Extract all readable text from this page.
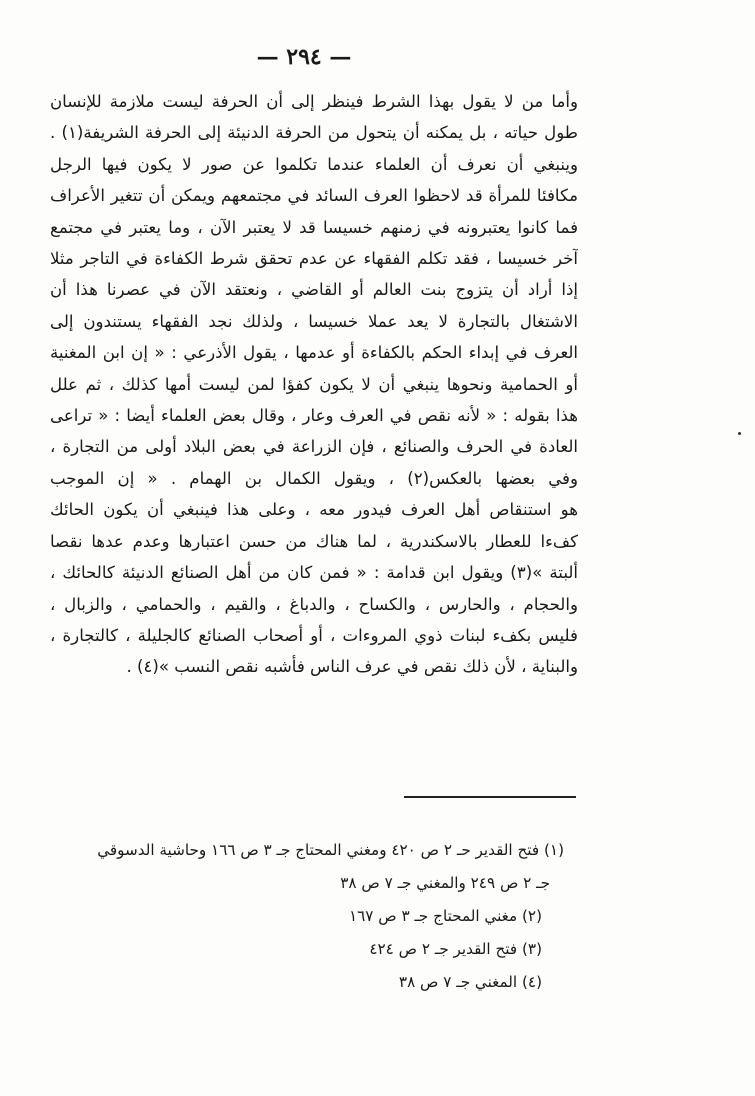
— ٢٩٤ —
وأما من لا يقول بهذا الشرط فينظر إلى أن الحرفة ليست ملازمة للإنسان
طول حياته ، بل يمكنه أن يتحول من الحرفة الدنيئة إلى الحرفة الشريفة(١) .
وينبغي أن نعرف أن العلماء عندما تكلموا عن صور لا يكون فيها الرجل
مكافئا للمرأة قد لاحظوا العرف السائد في مجتمعهم ويمكن أن تتغير الأعراف
فما كانوا يعتبرونه في زمنهم خسيسا قد لا يعتبر الآن ، وما يعتبر في مجتمع
آخر خسيسا ، فقد تكلم الفقهاء عن عدم تحقق شرط الكفاءة في التاجر مثلا
إذا أراد أن يتزوج بنت العالم أو القاضي ، ونعتقد الآن في عصرنا هذا أن
الاشتغال بالتجارة لا يعد عملا خسيسا ، ولذلك نجد الفقهاء يستندون إلى
العرف في إبداء الحكم بالكفاءة أو عدمها ، يقول الأذرعي : « إن ابن المغنية
أو الحمامية ونحوها ينبغي أن لا يكون كفؤا لمن ليست أمها كذلك ، ثم علل
هذا بقوله : « لأنه نقص في العرف وعار ، وقال بعض العلماء أيضا : « تراعى
العادة في الحرف والصنائع ، فإن الزراعة في بعض البلاد أولى من التجارة ،
وفي بعضها بالعكس(٢) ، ويقول الكمال بن الهمام . « إن الموجب
هو استنقاص أهل العرف فيدور معه ، وعلى هذا فينبغي أن يكون الحائك
كفءا للعطار بالاسكندرية ، لما هناك من حسن اعتبارها وعدم عدها نقصا
ألبتة »(٣) ويقول ابن قدامة : « فمن كان من أهل الصنائع الدنيئة كالحائك ،
والحجام ، والحارس ، والكساح ، والدباغ ، والقيم ، والحمامي ، والزبال ،
فليس بكفء لبنات ذوي المروءات ، أو أصحاب الصنائع كالجليلة ، كالتجارة ،
والبناية ، لأن ذلك نقص في عرف الناس فأشبه نقص النسب »(٤) .
(١) فتح القدير حـ ٢ ص ٤٢٠ ومغني المحتاج جـ ٣ ص ١٦٦ وحاشية الدسوقي
جـ ٢ ص ٢٤٩ والمغني جـ ٧ ص ٣٨
(٢) مغني المحتاج جـ ٣ ص ١٦٧
(٣) فتح القدير جـ ٢ ص ٤٢٤
(٤) المغني جـ ٧ ص ٣٨
